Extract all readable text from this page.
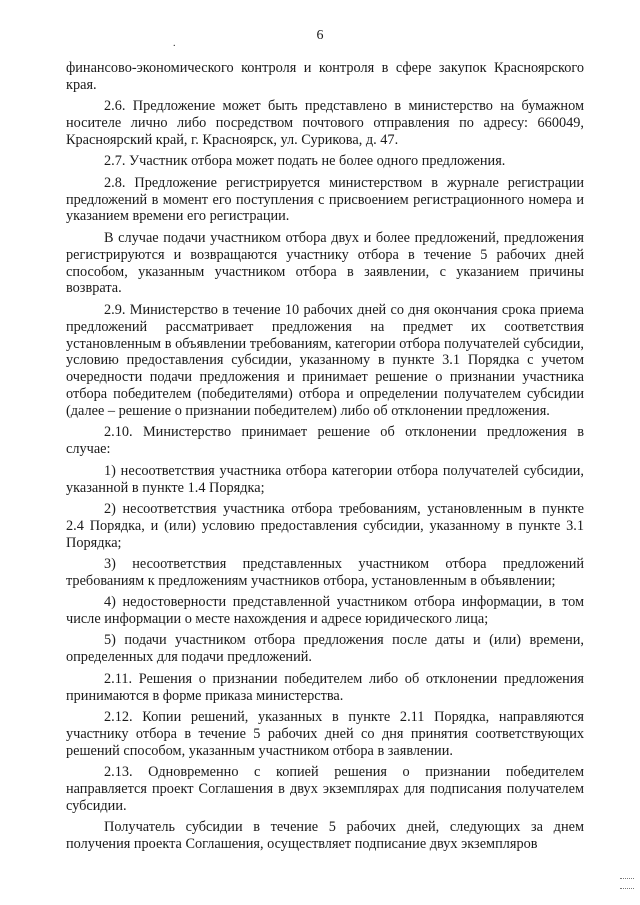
6
.

финансово-экономического контроля и контроля в сфере закупок Красноярского края.

2.6. Предложение может быть представлено в министерство на бумажном носителе лично либо посредством почтового отправления по адресу: 660049, Красноярский край, г. Красноярск, ул. Сурикова, д. 47.

2.7. Участник отбора может подать не более одного предложения.

2.8. Предложение регистрируется министерством в журнале регистрации предложений в момент его поступления с присвоением регистрационного номера и указанием времени его регистрации.

В случае подачи участником отбора двух и более предложений, предложения регистрируются и возвращаются участнику отбора в течение 5 рабочих дней способом, указанным участником отбора в заявлении, с указанием причины возврата.

2.9. Министерство в течение 10 рабочих дней со дня окончания срока приема предложений рассматривает предложения на предмет их соответствия установленным в объявлении требованиям, категории отбора получателей субсидии, условию предоставления субсидии, указанному в пункте 3.1 Порядка с учетом очередности подачи предложения и принимает решение о признании участника отбора победителем (победителями) отбора и определении получателем субсидии (далее – решение о признании победителем) либо об отклонении предложения.

2.10. Министерство принимает решение об отклонении предложения в случае:

1) несоответствия участника отбора категории отбора получателей субсидии, указанной в пункте 1.4 Порядка;

2) несоответствия участника отбора требованиям, установленным в пункте 2.4 Порядка, и (или) условию предоставления субсидии, указанному в пункте 3.1 Порядка;

3) несоответствия представленных участником отбора предложений требованиям к предложениям участников отбора, установленным в объявлении;

4) недостоверности представленной участником отбора информации, в том числе информации о месте нахождения и адресе юридического лица;

5) подачи участником отбора предложения после даты и (или) времени, определенных для подачи предложений.

2.11. Решения о признании победителем либо об отклонении предложения принимаются в форме приказа министерства.

2.12. Копии решений, указанных в пункте 2.11 Порядка, направляются участнику отбора в течение 5 рабочих дней со дня принятия соответствующих решений способом, указанным участником отбора в заявлении.

2.13. Одновременно с копией решения о признании победителем направляется проект Соглашения в двух экземплярах для подписания получателем субсидии.

Получатель субсидии в течение 5 рабочих дней, следующих за днем получения проекта Соглашения, осуществляет подписание двух экземпляров
